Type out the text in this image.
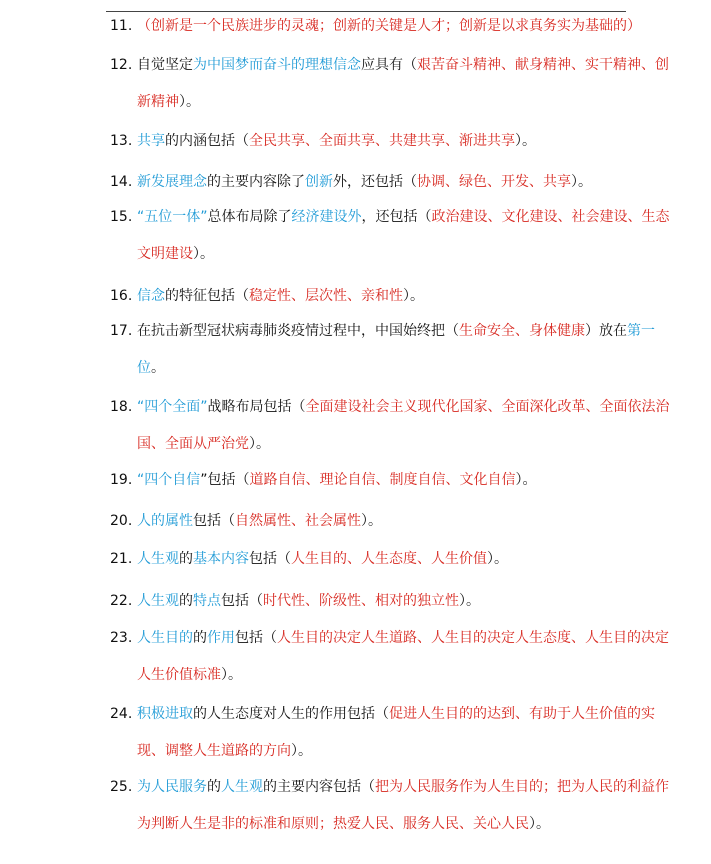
11. （创新是一个民族进步的灵魂；创新的关键是人才；创新是以求真务实为基础的）
12. 自觉坚定为中国梦而奋斗的理想信念应具有（艰苦奋斗精神、献身精神、实干精神、创新精神）。
13. 共享的内涵包括（全民共享、全面共享、共建共享、渐进共享）。
14. 新发展理念的主要内容除了创新外，还包括（协调、绿色、开发、共享）。
15. “五位一体”总体布局除了经济建设外，还包括（政治建设、文化建设、社会建设、生态文明建设）。
16. 信念的特征包括（稳定性、层次性、亲和性）。
17. 在抗击新型冠状病毒肺炎疫情过程中，中国始终把（生命安全、身体健康）放在第一位。
18. “四个全面”战略布局包括（全面建设社会主义现代化国家、全面深化改革、全面依法治国、全面从严治党）。
19. “四个自信”包括（道路自信、理论自信、制度自信、文化自信）。
20. 人的属性包括（自然属性、社会属性）。
21. 人生观的基本内容包括（人生目的、人生态度、人生价值）。
22. 人生观的特点包括（时代性、阶级性、相对的独立性）。
23. 人生目的的作用包括（人生目的决定人生道路、人生目的决定人生态度、人生目的决定人生价值标准）。
24. 积极进取的人生态度对人生的作用包括（促进人生目的的达到、有助于人生价值的实现、调整人生道路的方向）。
25. 为人民服务的人生观的主要内容包括（把为人民服务作为人生目的；把为人民的利益作为判断人生是非的标准和原则；热爱人民、服务人民、关心人民）。
